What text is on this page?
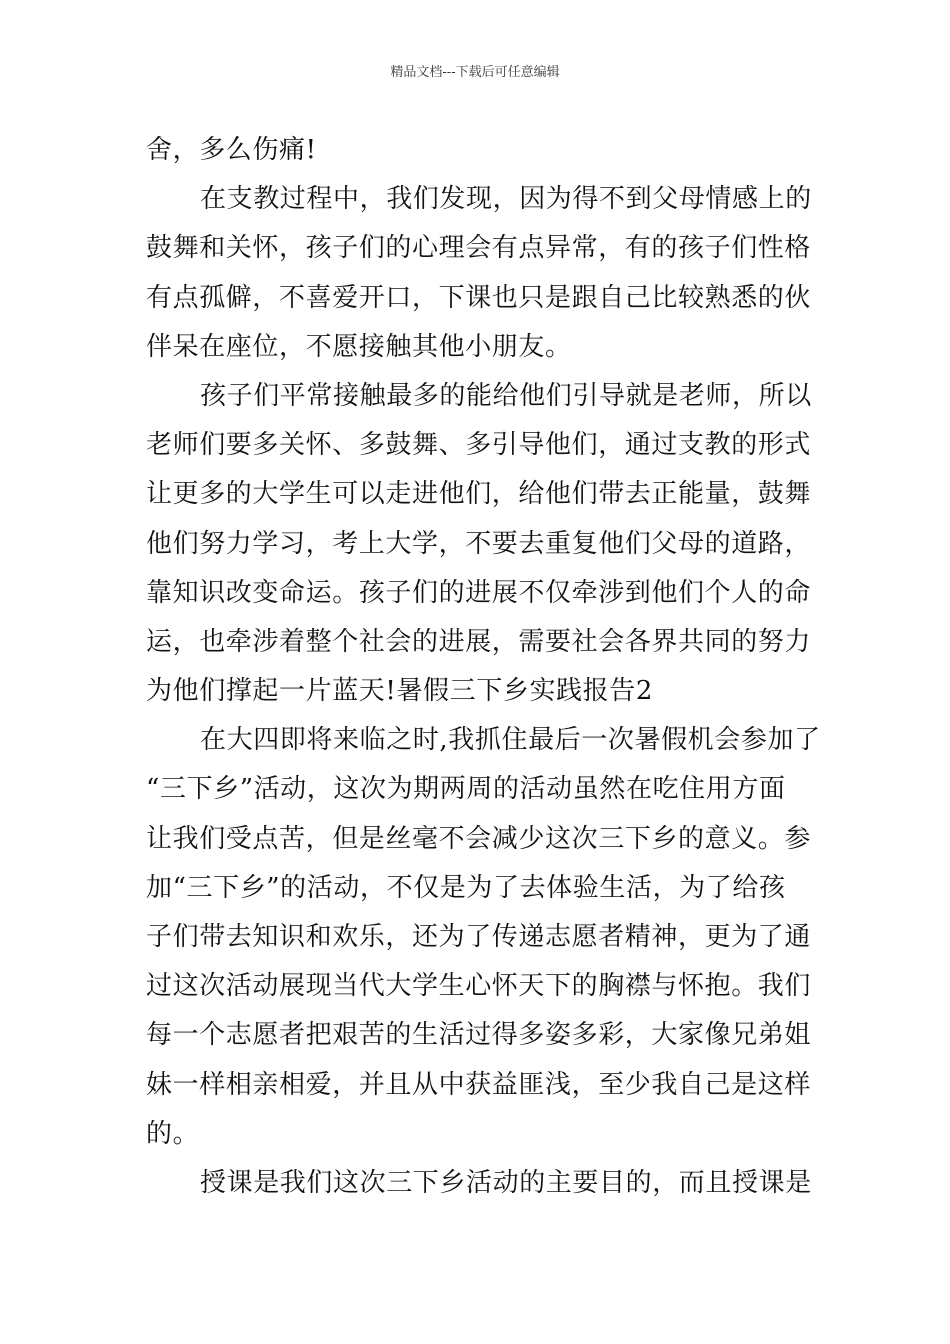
精品文档---下载后可任意编辑
舍，多么伤痛!
在支教过程中，我们发现，因为得不到父母情感上的
鼓舞和关怀，孩子们的心理会有点异常，有的孩子们性格
有点孤僻，不喜爱开口，下课也只是跟自己比较熟悉的伙
伴呆在座位，不愿接触其他小朋友。
孩子们平常接触最多的能给他们引导就是老师，所以
老师们要多关怀、多鼓舞、多引导他们，通过支教的形式
让更多的大学生可以走进他们，给他们带去正能量，鼓舞
他们努力学习，考上大学，不要去重复他们父母的道路，
靠知识改变命运。孩子们的进展不仅牵涉到他们个人的命
运，也牵涉着整个社会的进展，需要社会各界共同的努力
为他们撑起一片蓝天!暑假三下乡实践报告2
在大四即将来临之时,我抓住最后一次暑假机会参加了
“三下乡”活动，这次为期两周的活动虽然在吃住用方面
让我们受点苦，但是丝毫不会减少这次三下乡的意义。参
加“三下乡”的活动，不仅是为了去体验生活，为了给孩
子们带去知识和欢乐，还为了传递志愿者精神，更为了通
过这次活动展现当代大学生心怀天下的胸襟与怀抱。我们
每一个志愿者把艰苦的生活过得多姿多彩，大家像兄弟姐
妹一样相亲相爱，并且从中获益匪浅，至少我自己是这样
的。
授课是我们这次三下乡活动的主要目的，而且授课是
